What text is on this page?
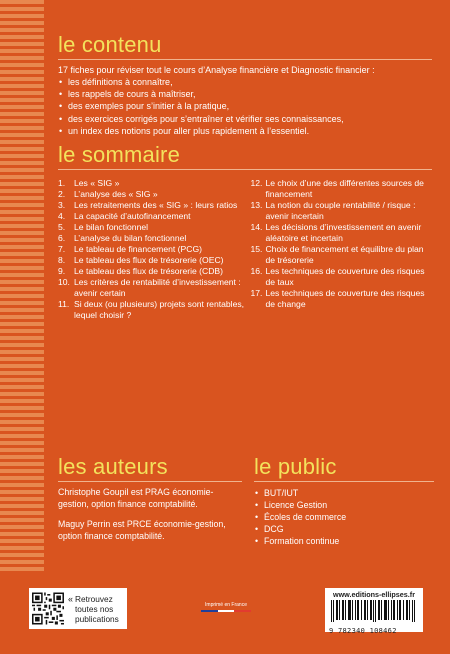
le contenu
17 fiches pour réviser tout le cours d’Analyse financière et Diagnostic financier :
• les définitions à connaître,
• les rappels de cours à maîtriser,
• des exemples pour s’initier à la pratique,
• des exercices corrigés pour s’entraîner et vérifier ses connaissances,
• un index des notions pour aller plus rapidement à l’essentiel.
le sommaire
1.	Les « SIG »
2.	L’analyse des « SIG »
3.	Les retraitements des « SIG » : leurs ratios
4.	La capacité d’autofinancement
5.	Le bilan fonctionnel
6.	L’analyse du bilan fonctionnel
7.	Le tableau de financement (PCG)
8.	Le tableau des flux de trésorerie (OEC)
9.	Le tableau des flux de trésorerie (CDB)
10. Les critères de rentabilité d’investissement : avenir certain
11. Si deux (ou plusieurs) projets sont rentables, lequel choisir ?
12. Le choix d’une des différentes sources de financement
13. La notion du couple rentabilité / risque : avenir incertain
14. Les décisions d’investissement en avenir aléatoire et incertain
15. Choix de financement et équilibre du plan de trésorerie
16. Les techniques de couverture des risques de taux
17. Les techniques de couverture des risques de change
les auteurs

Christophe Goupil est PRAG économie-gestion, option finance comptabilité.

Maguy Perrin est PRCE économie-gestion, option finance comptabilité.

le public
• BUT/IUT
• Licence Gestion
• Écoles de commerce
• DCG
• Formation continue
« Retrouvez toutes nos publications
Imprimé en France
www.editions-ellipses.fr
9 782340 108462
